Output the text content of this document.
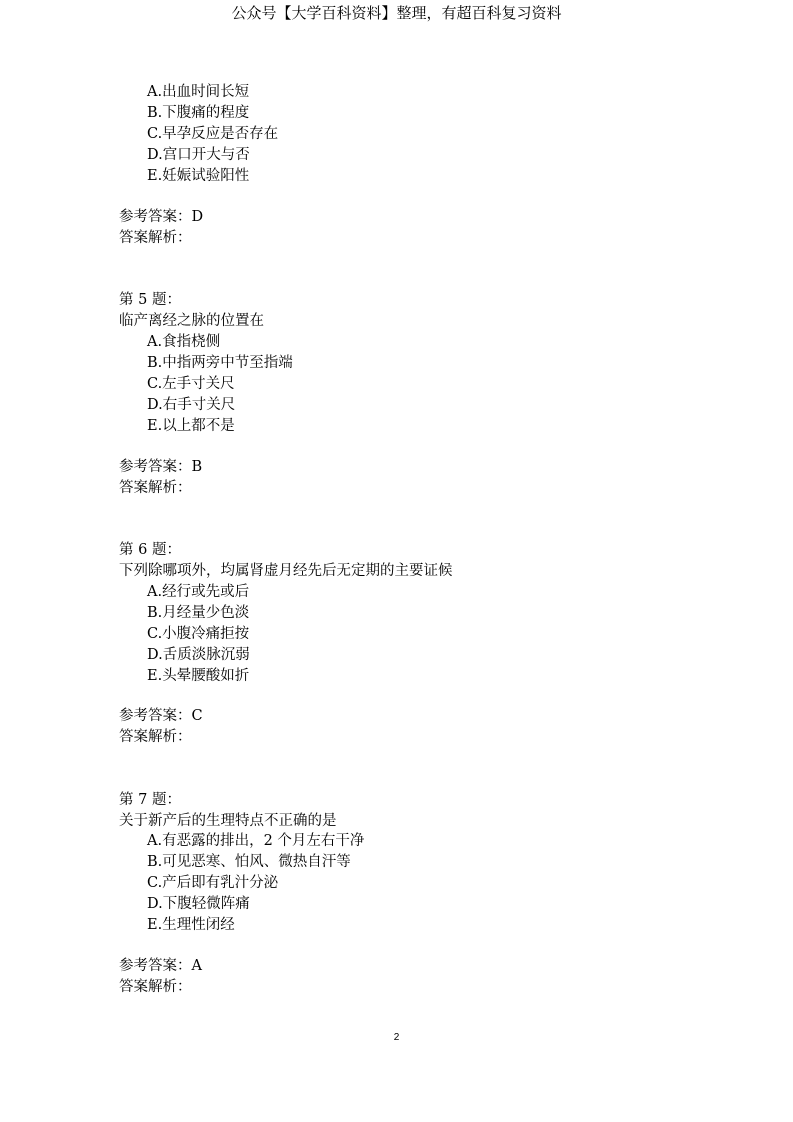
公众号【大学百科资料】整理，有超百科复习资料
A.出血时间长短
B.下腹痛的程度
C.早孕反应是否存在
D.宫口开大与否
E.妊娠试验阳性
参考答案：D
答案解析：
第 5 题：
临产离经之脉的位置在
A.食指桡侧
B.中指两旁中节至指端
C.左手寸关尺
D.右手寸关尺
E.以上都不是
参考答案：B
答案解析：
第 6 题：
下列除哪项外，均属肾虚月经先后无定期的主要证候
A.经行或先或后
B.月经量少色淡
C.小腹冷痛拒按
D.舌质淡脉沉弱
E.头晕腰酸如折
参考答案：C
答案解析：
第 7 题：
关于新产后的生理特点不正确的是
A.有恶露的排出，2 个月左右干净
B.可见恶寒、怕风、微热自汗等
C.产后即有乳汁分泌
D.下腹轻微阵痛
E.生理性闭经
参考答案：A
答案解析：
2
